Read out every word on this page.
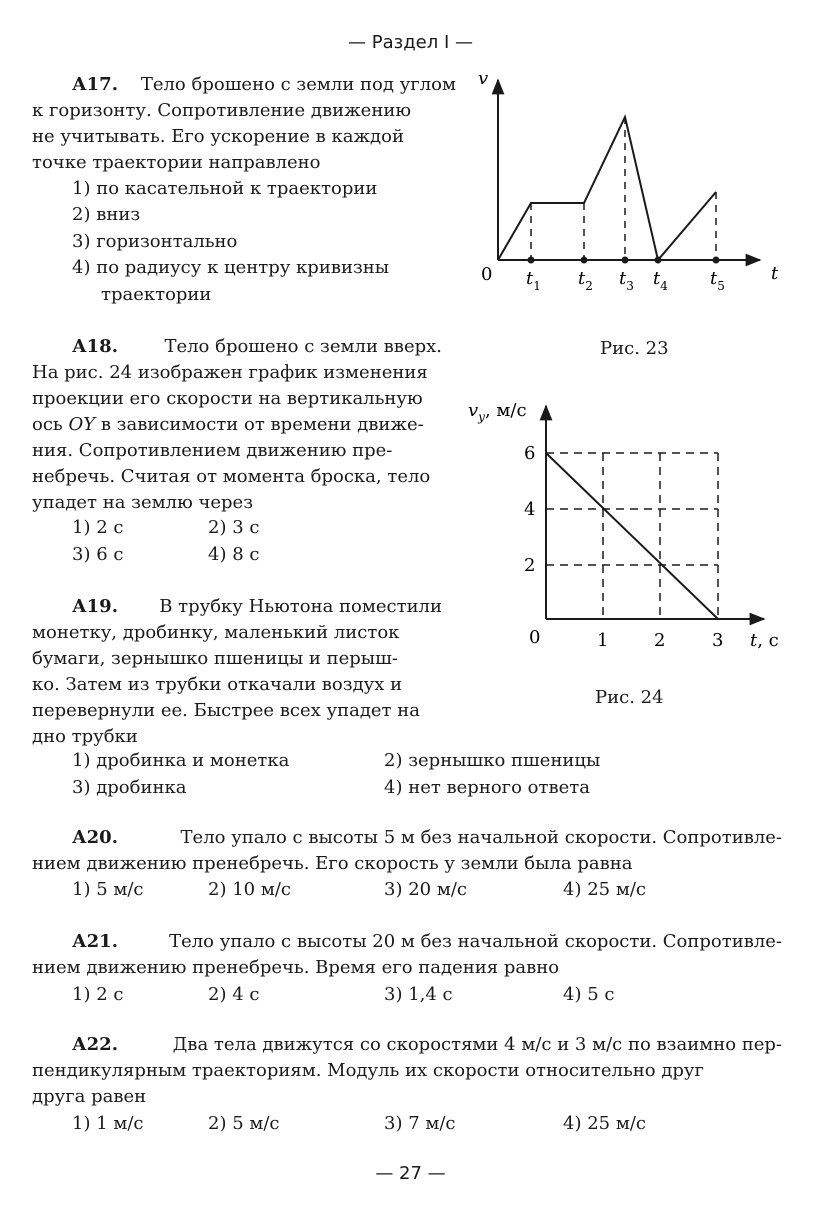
— Раздел I —
А17. Тело брошено с земли под углом
к горизонту. Сопротивление движению
не учитывать. Его ускорение в каждой
точке траектории направлено
1) по касательной к траектории
2) вниз
3) горизонтально
4) по радиусу к центру кривизны
траектории
v
t
0 $t_1$ $t_2$ $t_3$ $t_4$ $t_5$
Рис. 23
А18.	Тело брошено с земли вверх.
На рис. 24 изображен график изменения
проекции его скорости на вертикальную
ось ОY в зависимости от времени движе-
ния. Сопротивлением движению пре-
небречь. Считая от момента броска, тело
упадет на землю через
1) 2 с	2) 3 с
3) 6 с	4) 8 с
$v_y$, м/с
6
4
2
0	1	2	3 t, с
Рис. 24
А19. В трубку Ньютона поместили
монетку, дробинку, маленький листок
бумаги, зернышко пшеницы и перыш-
ко. Затем из трубки откачали воздух и
перевернули ее. Быстрее всех упадет на
дно трубки
1) дробинка и монетка	2) зернышко пшеницы
3) дробинка	4) нет верного ответа
А20.	Тело упало с высоты 5 м без начальной скорости. Сопротивле-
нием движению пренебречь. Его скорость у земли была равна
1) 5 м/с	2) 10 м/с	3) 20 м/с	4) 25 м/с
А21.	Тело упало с высоты 20 м без начальной скорости. Сопротивле-
нием движению пренебречь. Время его падения равно
1) 2 с	2) 4 с	3) 1,4 с	4) 5 с
А22.	Два тела движутся со скоростями 4 м/с и 3 м/с по взаимно пер-
пендикулярным траекториям. Модуль их скорости относительно друг
друга равен
1) 1 м/с	2) 5 м/с	3) 7 м/с	4) 25 м/с
— 27 —
